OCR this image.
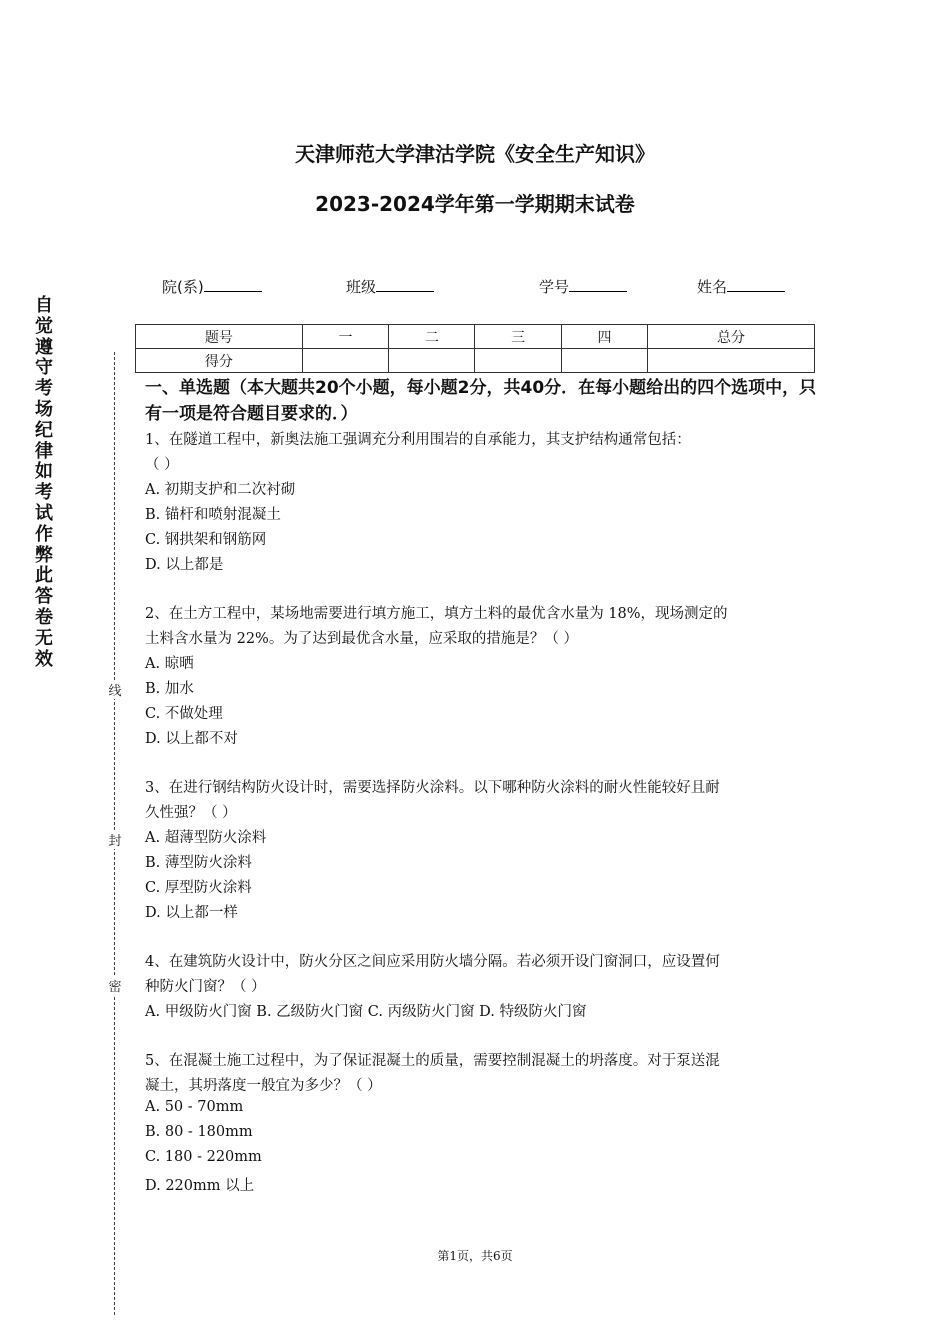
天津师范大学津沽学院《安全生产知识》
2023-2024学年第一学期期末试卷
院(系)	班级	学号	姓名
题号	一	二	三	四	总分
得分					
自觉遵守考场纪律如考试作弊此答卷无效
线
封
密
一、单选题（本大题共20个小题，每小题2分，共40分．在每小题给出的四个选项中，只有一项是符合题目要求的．）
1、在隧道工程中，新奥法施工强调充分利用围岩的自承能力，其支护结构通常包括：
（ ）
A. 初期支护和二次衬砌
B. 锚杆和喷射混凝土
C. 钢拱架和钢筋网
D. 以上都是
2、在土方工程中，某场地需要进行填方施工，填方土料的最优含水量为 18%，现场测定的
土料含水量为 22%。为了达到最优含水量，应采取的措施是？（ ）
A. 晾晒
B. 加水
C. 不做处理
D. 以上都不对
3、在进行钢结构防火设计时，需要选择防火涂料。以下哪种防火涂料的耐火性能较好且耐
久性强？（ ）
A. 超薄型防火涂料
B. 薄型防火涂料
C. 厚型防火涂料
D. 以上都一样
4、在建筑防火设计中，防火分区之间应采用防火墙分隔。若必须开设门窗洞口，应设置何
种防火门窗？（ ）
A. 甲级防火门窗 B. 乙级防火门窗 C. 丙级防火门窗 D. 特级防火门窗
5、在混凝土施工过程中，为了保证混凝土的质量，需要控制混凝土的坍落度。对于泵送混
凝土，其坍落度一般宜为多少？（ ）
A. 50 - 70mm
B. 80 - 180mm
C. 180 - 220mm
D. 220mm 以上
第1页，共6页
